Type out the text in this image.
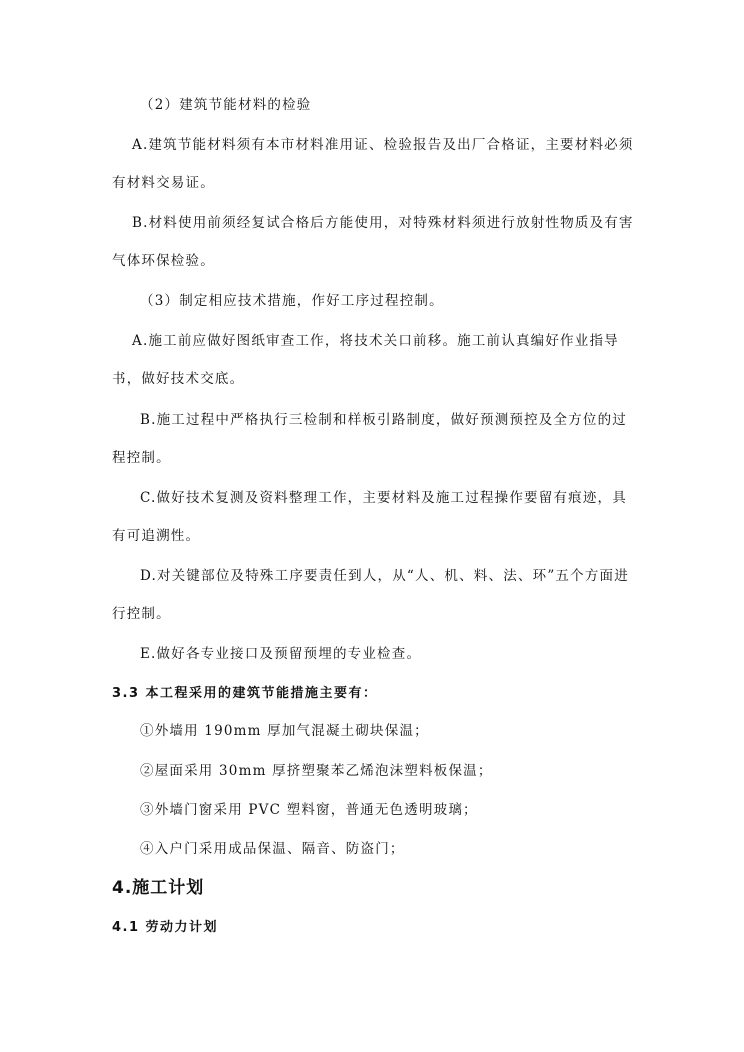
（2）建筑节能材料的检验

A.建筑节能材料须有本市材料准用证、检验报告及出厂合格证，主要材料必须有材料交易证。

B.材料使用前须经复试合格后方能使用，对特殊材料须进行放射性物质及有害气体环保检验。

（3）制定相应技术措施，作好工序过程控制。

A.施工前应做好图纸审查工作，将技术关口前移。施工前认真编好作业指导书，做好技术交底。

B.施工过程中严格执行三检制和样板引路制度，做好预测预控及全方位的过程控制。

C.做好技术复测及资料整理工作，主要材料及施工过程操作要留有痕迹，具有可追溯性。

D.对关键部位及特殊工序要责任到人，从“人、机、料、法、环”五个方面进行控制。

E.做好各专业接口及预留预埋的专业检查。

3.3 本工程采用的建筑节能措施主要有：

①外墙用 190mm 厚加气混凝土砌块保温；

②屋面采用 30mm 厚挤塑聚苯乙烯泡沫塑料板保温；

③外墙门窗采用 PVC 塑料窗，普通无色透明玻璃；

④入户门采用成品保温、隔音、防盗门；

4.施工计划

4.1 劳动力计划
